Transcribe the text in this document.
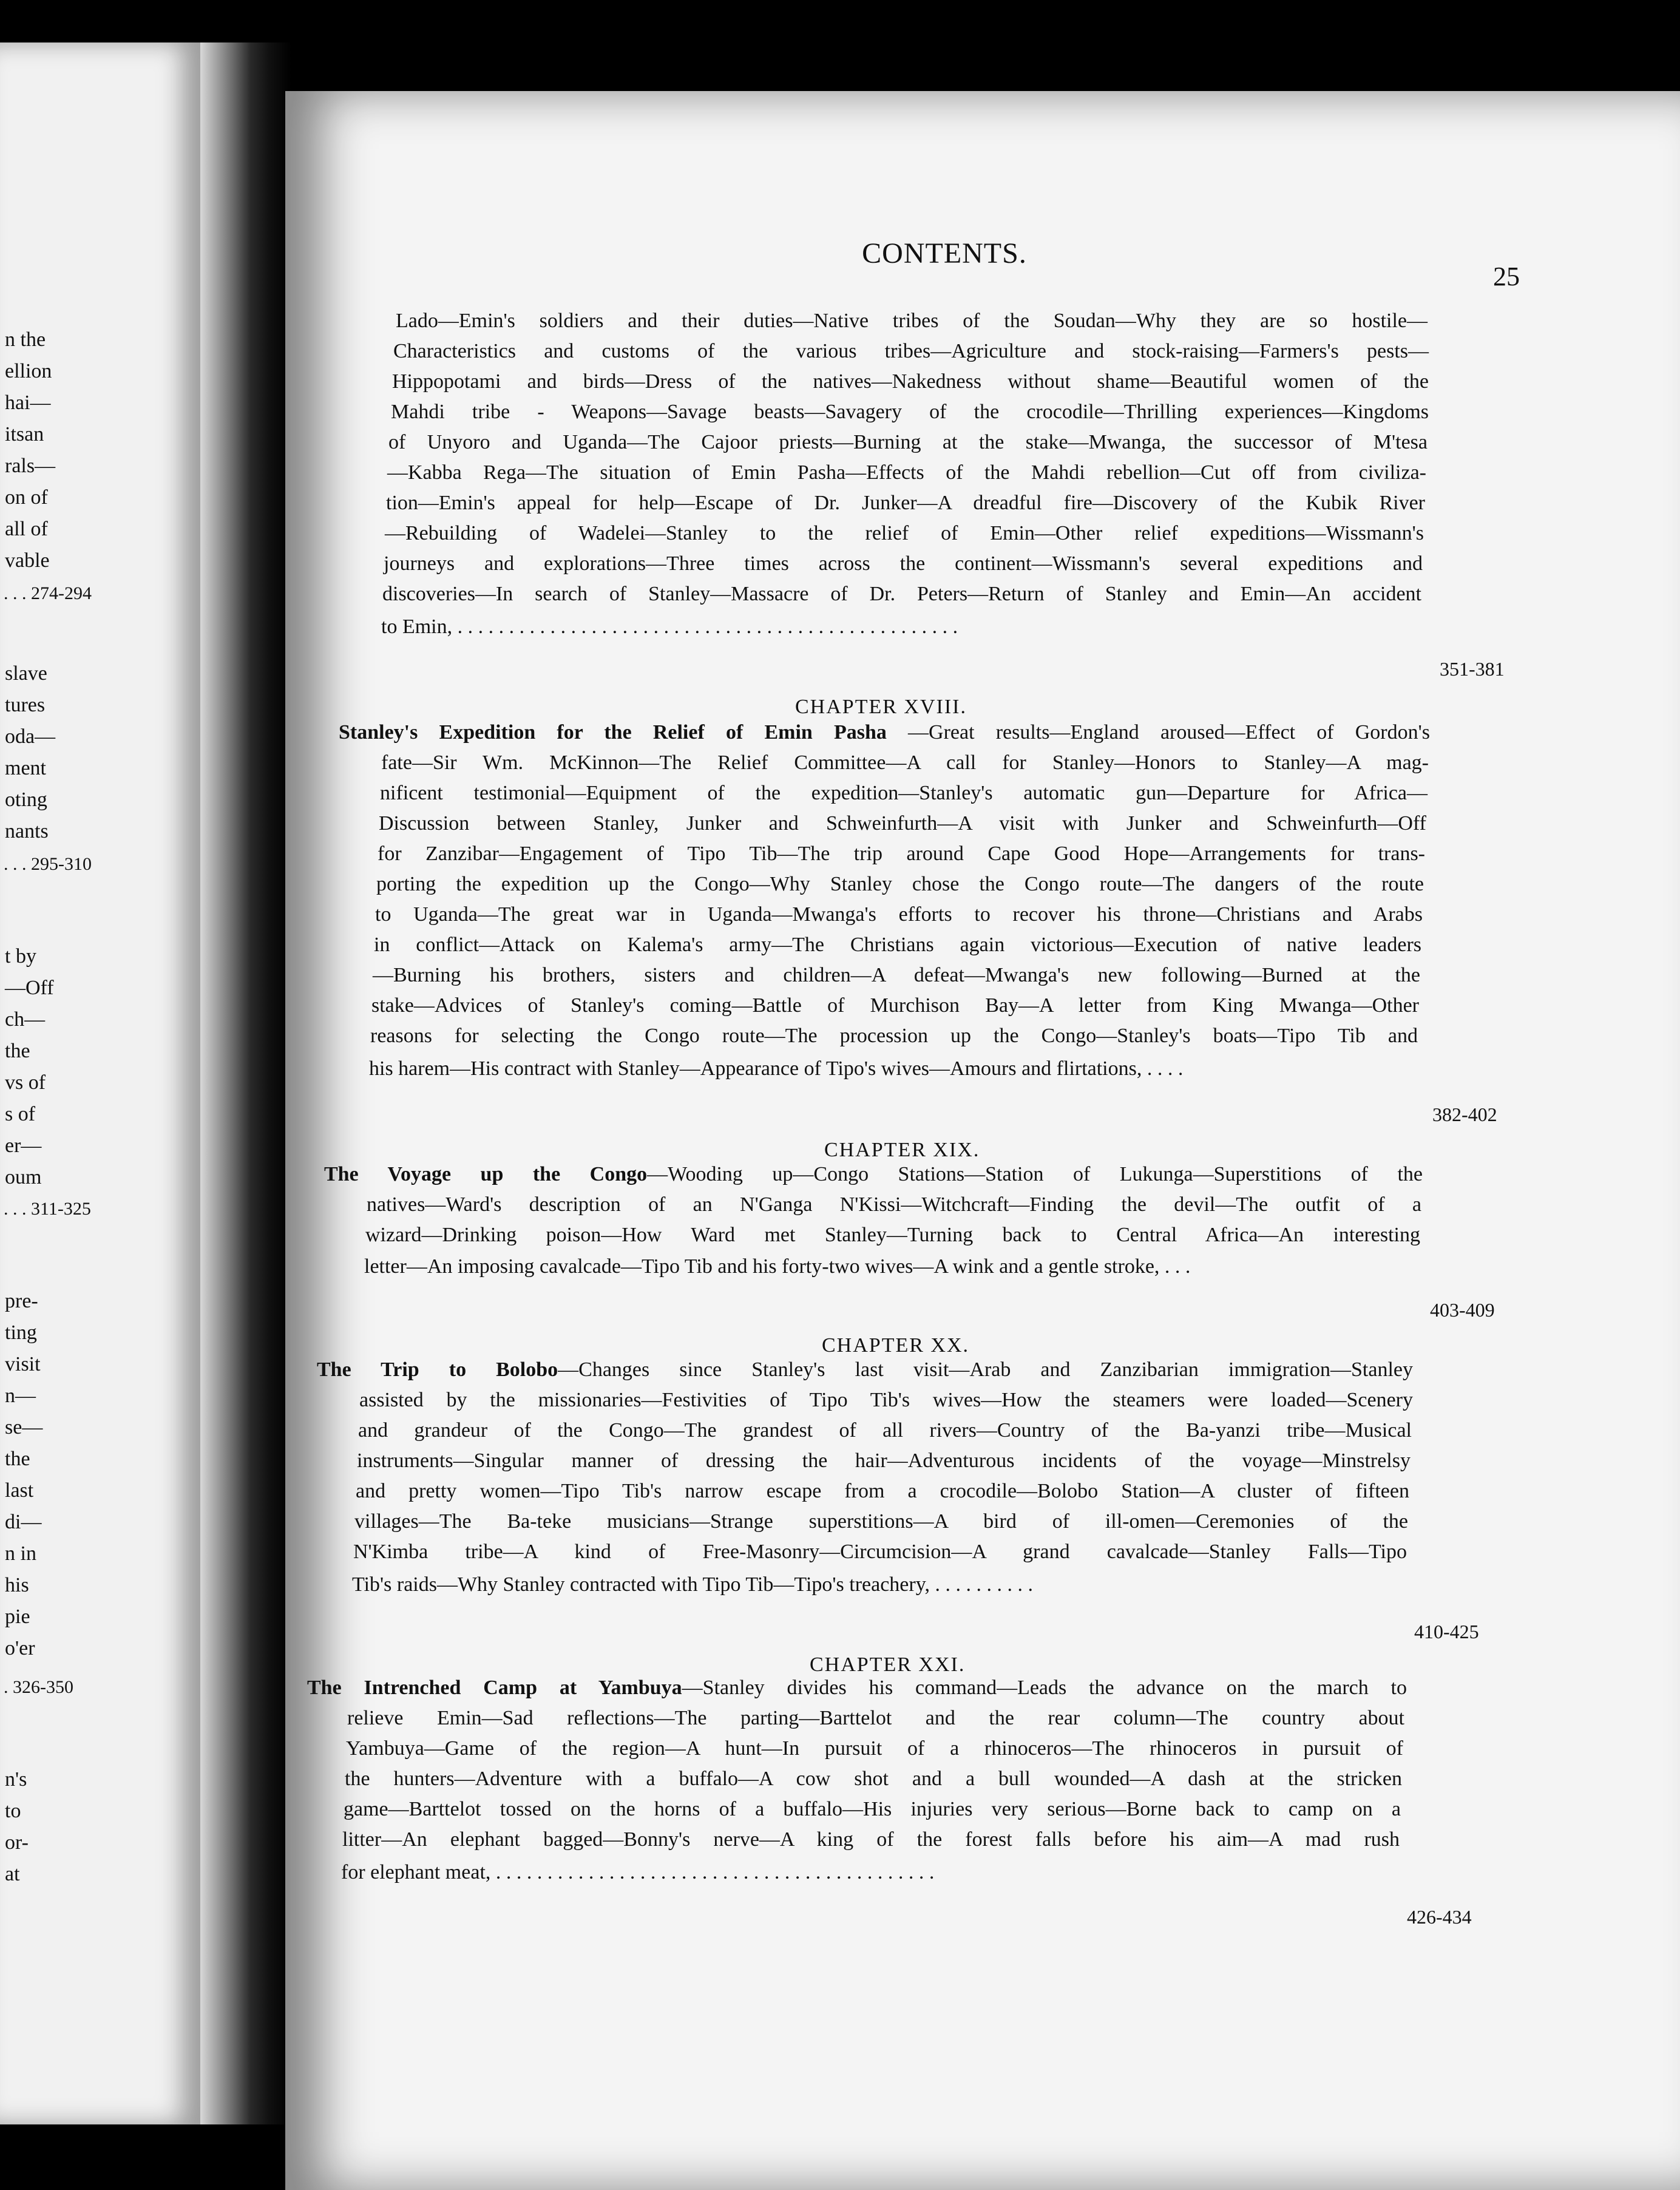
n the
ellion
hai—
itsan
rals—
on of
all of
vable
. . . 274-294
slave
tures
oda—
ment
oting
nants
. . . 295-310
t by
—Off
ch—
the
vs of
s of
er—
oum
. . . 311-325
pre-
ting
visit
n—
se—
the
last
di—
n in
his
pie
o'er
. 326-350
n's
to
or-
at
CONTENTS.
25
Lado—Emin's soldiers and their duties—Native tribes of the Soudan—Why they are so hostile—
Characteristics and customs of the various tribes—Agriculture and stock-raising—Farmers's pests—
Hippopotami and birds—Dress of the natives—Nakedness without shame—Beautiful women of the
Mahdi tribe - Weapons—Savage beasts—Savagery of the crocodile—Thrilling experiences—Kingdoms
of Unyoro and Uganda—The Cajoor priests—Burning at the stake—Mwanga, the successor of M'tesa
—Kabba Rega—The situation of Emin Pasha—Effects of the Mahdi rebellion—Cut off from civiliza-
tion—Emin's appeal for help—Escape of Dr. Junker—A dreadful fire—Discovery of the Kubik River
—Rebuilding of Wadelei—Stanley to the relief of Emin—Other relief expeditions—Wissmann's
journeys and explorations—Three times across the continent—Wissmann's several expeditions and
discoveries—In search of Stanley—Massacre of Dr. Peters—Return of Stanley and Emin—An accident
to Emin, . . . . . . . . . . . . . . . . . . . . . . . . . . . . . . . . . . . . . . . . . . . . . . . . .
351-381
CHAPTER XVIII.
Stanley's Expedition for the Relief of Emin Pasha —Great results—England aroused—Effect of Gordon's
fate—Sir Wm. McKinnon—The Relief Committee—A call for Stanley—Honors to Stanley—A mag-
nificent testimonial—Equipment of the expedition—Stanley's automatic gun—Departure for Africa—
Discussion between Stanley, Junker and Schweinfurth—A visit with Junker and Schweinfurth—Off
for Zanzibar—Engagement of Tipo Tib—The trip around Cape Good Hope—Arrangements for trans-
porting the expedition up the Congo—Why Stanley chose the Congo route—The dangers of the route
to Uganda—The great war in Uganda—Mwanga's efforts to recover his throne—Christians and Arabs
in conflict—Attack on Kalema's army—The Christians again victorious—Execution of native leaders
—Burning his brothers, sisters and children—A defeat—Mwanga's new following—Burned at the
stake—Advices of Stanley's coming—Battle of Murchison Bay—A letter from King Mwanga—Other
reasons for selecting the Congo route—The procession up the Congo—Stanley's boats—Tipo Tib and
his harem—His contract with Stanley—Appearance of Tipo's wives—Amours and flirtations, . . . .
382-402
CHAPTER XIX.
The Voyage up the Congo—Wooding up—Congo Stations—Station of Lukunga—Superstitions of the
natives—Ward's description of an N'Ganga N'Kissi—Witchcraft—Finding the devil—The outfit of a
wizard—Drinking poison—How Ward met Stanley—Turning back to Central Africa—An interesting
letter—An imposing cavalcade—Tipo Tib and his forty-two wives—A wink and a gentle stroke, . . .
403-409
CHAPTER XX.
The Trip to Bolobo—Changes since Stanley's last visit—Arab and Zanzibarian immigration—Stanley
assisted by the missionaries—Festivities of Tipo Tib's wives—How the steamers were loaded—Scenery
and grandeur of the Congo—The grandest of all rivers—Country of the Ba-yanzi tribe—Musical
instruments—Singular manner of dressing the hair—Adventurous incidents of the voyage—Minstrelsy
and pretty women—Tipo Tib's narrow escape from a crocodile—Bolobo Station—A cluster of fifteen
villages—The Ba-teke musicians—Strange superstitions—A bird of ill-omen—Ceremonies of the
N'Kimba tribe—A kind of Free-Masonry—Circumcision—A grand cavalcade—Stanley Falls—Tipo
Tib's raids—Why Stanley contracted with Tipo Tib—Tipo's treachery, . . . . . . . . . .
410-425
CHAPTER XXI.
The Intrenched Camp at Yambuya—Stanley divides his command—Leads the advance on the march to
relieve Emin—Sad reflections—The parting—Barttelot and the rear column—The country about
Yambuya—Game of the region—A hunt—In pursuit of a rhinoceros—The rhinoceros in pursuit of
the hunters—Adventure with a buffalo—A cow shot and a bull wounded—A dash at the stricken
game—Barttelot tossed on the horns of a buffalo—His injuries very serious—Borne back to camp on a
litter—An elephant bagged—Bonny's nerve—A king of the forest falls before his aim—A mad rush
for elephant meat, . . . . . . . . . . . . . . . . . . . . . . . . . . . . . . . . . . . . . . . . . . .
426-434
